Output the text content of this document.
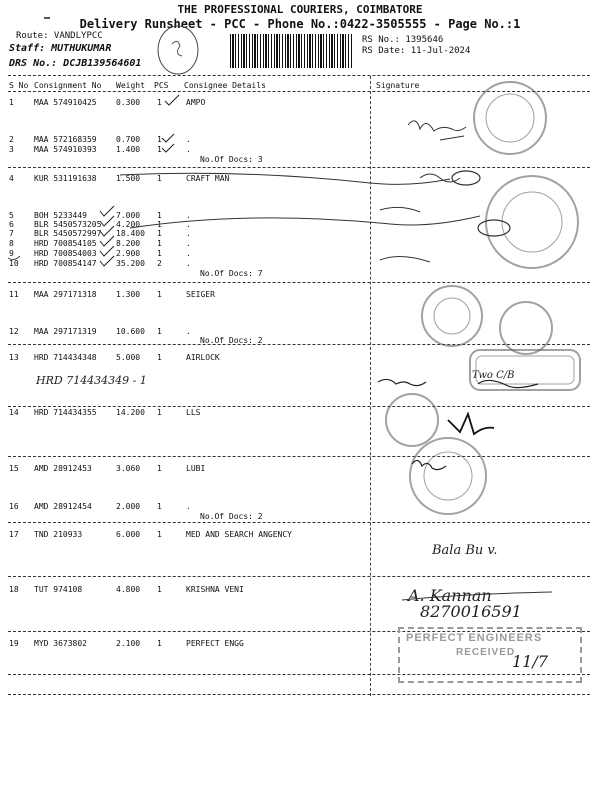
THE PROFESSIONAL COURIERS, COIMBATORE
Delivery Runsheet - PCC - Phone No.:0422-3505555 - Page No.:1
Route: VANDLYPCC
Staff: MUTHUKUMAR
DRS No.: DCJB139564601
RS No.: 1395646
RS Date: 11-Jul-2024
S No Consignment No Weight PCS Consignee Details	Signature
1	MAA 574910425 0.300 1	AMPO
2	MAA 572168359 0.700 1	.
3	MAA 574910393 1.400 1	.
No.Of Docs: 3
4	KUR 531191638 1.500 1	CRAFT MAN
5	BOH 5233449	7.000 1	.
6	BLR 5450573205 4.200 1	.
7	BLR 5450572997 18.400 1	.
8	HRD 700854105 8.200 1	.
9	HRD 700854003 2.900 1	.
10 HRD 700854147 35.200 2	.
No.Of Docs: 7
11 MAA 297171318 1.300 1	SEIGER
12 MAA 297171319 10.600 1	.
No.Of Docs: 2
13 HRD 714434348 5.000 1	AIRLOCK
HRD 714434349 - 1
14 HRD 714434355 14.200 1	LLS
15 AMD 28912453	3.060 1	LUBI
16 AMD 28912454	2.000 1	.
No.Of Docs: 2
17 TND 210933	6.000 1	MED AND SEARCH ANGENCY
18 TUT 974108	4.800 1	KRISHNA VENI
19 MYD 3673802	2.100 1	PERFECT ENGG	PERFECT ENGINEERS
RECEIVED
Two C/B
Bala Bu v.
A. Kannan
8270016591
11/7
